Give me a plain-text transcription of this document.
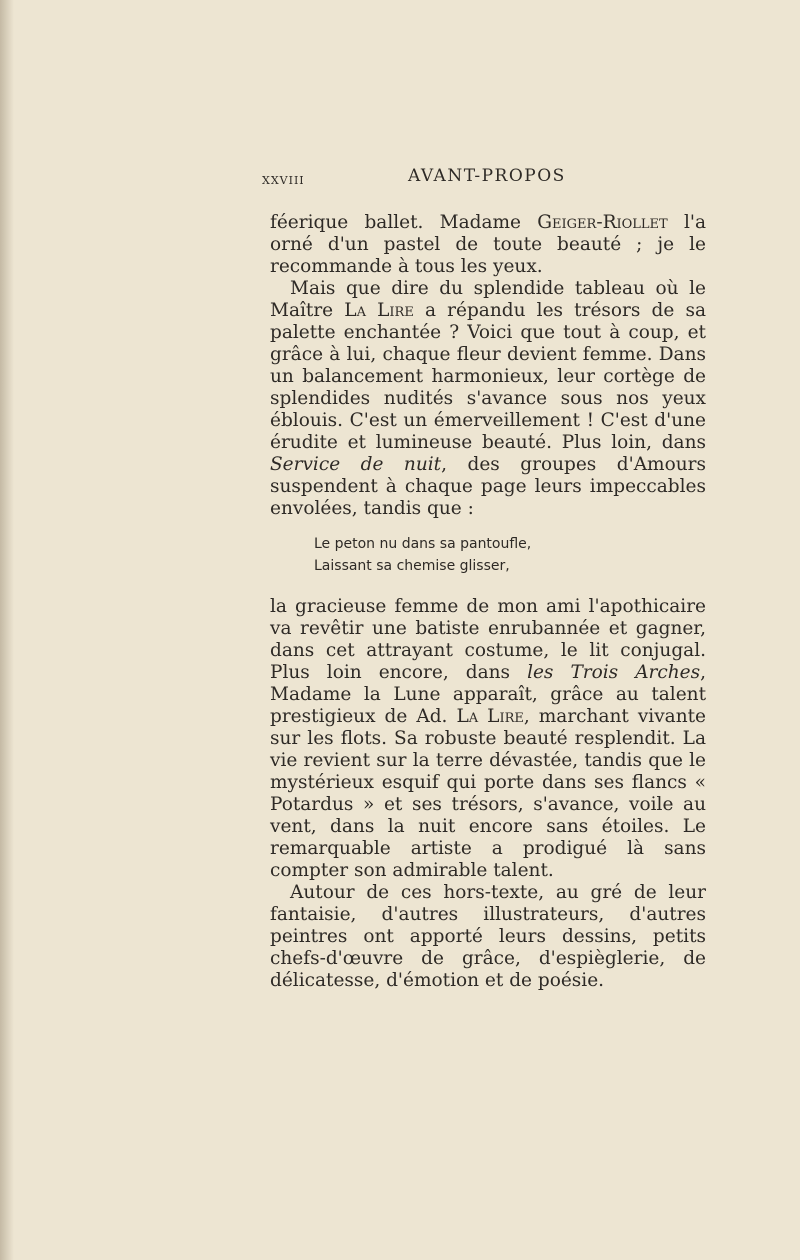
XXVIII	AVANT-PROPOS

féerique ballet. Madame Geiger-Riollet l'a orné d'un pastel de toute beauté ; je le recommande à tous les yeux.

Mais que dire du splendide tableau où le Maître La Lire a répandu les trésors de sa palette enchantée ? Voici que tout à coup, et grâce à lui, chaque fleur devient femme. Dans un balancement harmonieux, leur cortège de splendides nudités s'avance sous nos yeux éblouis. C'est un émerveillement ! C'est d'une érudite et lumineuse beauté. Plus loin, dans Service de nuit, des groupes d'Amours suspendent à chaque page leurs impeccables envolées, tandis que :

Le peton nu dans sa pantoufle,
Laissant sa chemise glisser,

la gracieuse femme de mon ami l'apothicaire va revêtir une batiste enrubannée et gagner, dans cet attrayant costume, le lit conjugal. Plus loin encore, dans les Trois Arches, Madame la Lune apparaît, grâce au talent prestigieux de Ad. La Lire, marchant vivante sur les flots. Sa robuste beauté resplendit. La vie revient sur la terre dévastée, tandis que le mystérieux esquif qui porte dans ses flancs « Potardus » et ses trésors, s'avance, voile au vent, dans la nuit encore sans étoiles. Le remarquable artiste a prodigué là sans compter son admirable talent.

Autour de ces hors-texte, au gré de leur fantaisie, d'autres illustrateurs, d'autres peintres ont apporté leurs dessins, petits chefs-d'œuvre de grâce, d'espièglerie, de délicatesse, d'émotion et de poésie.
